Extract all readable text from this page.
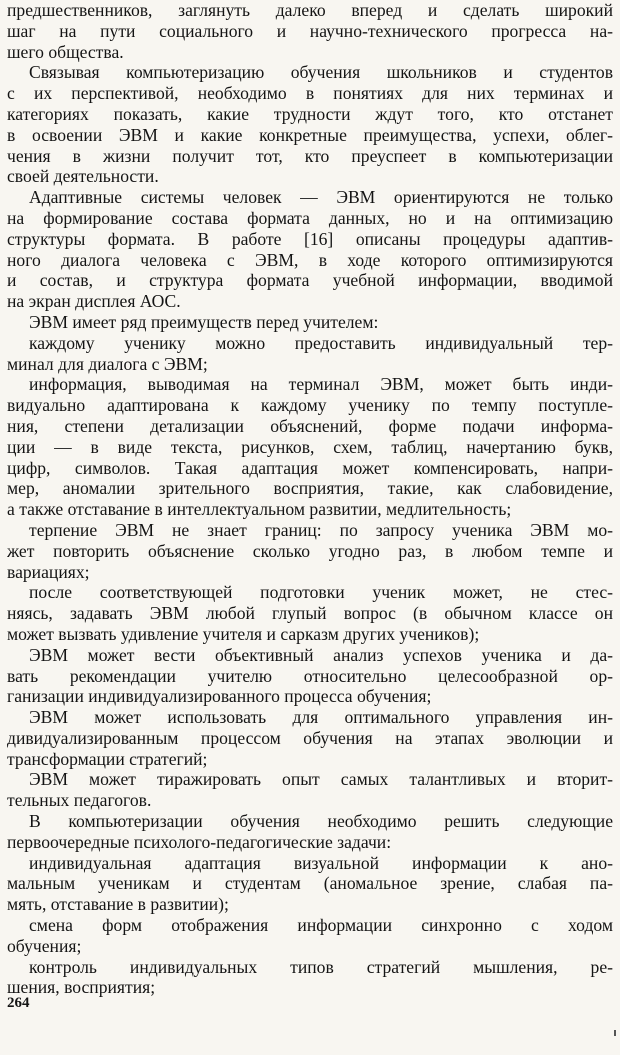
предшественников, заглянуть далеко вперед и сделать широкий
шаг на пути социального и научно-технического прогресса на-
шего общества.
Связывая компьютеризацию обучения школьников и студентов
с их перспективой, необходимо в понятиях для них терминах и
категориях показать, какие трудности ждут того, кто отстанет
в освоении ЭВМ и какие конкретные преимущества, успехи, облег-
чения в жизни получит тот, кто преуспеет в компьютеризации
своей деятельности.
Адаптивные системы человек — ЭВМ ориентируются не только
на формирование состава формата данных, но и на оптимизацию
структуры формата. В работе [16] описаны процедуры адаптив-
ного диалога человека с ЭВМ, в ходе которого оптимизируются
и состав, и структура формата учебной информации, вводимой
на экран дисплея АОС.
ЭВМ имеет ряд преимуществ перед учителем:
каждому ученику можно предоставить индивидуальный тер-
минал для диалога с ЭВМ;
информация, выводимая на терминал ЭВМ, может быть инди-
видуально адаптирована к каждому ученику по темпу поступле-
ния, степени детализации объяснений, форме подачи информа-
ции — в виде текста, рисунков, схем, таблиц, начертанию букв,
цифр, символов. Такая адаптация может компенсировать, напри-
мер, аномалии зрительного восприятия, такие, как слабовидение,
а также отставание в интеллектуальном развитии, медлительность;
терпение ЭВМ не знает границ: по запросу ученика ЭВМ мо-
жет повторить объяснение сколько угодно раз, в любом темпе и
вариациях;
после соответствующей подготовки ученик может, не стес-
няясь, задавать ЭВМ любой глупый вопрос (в обычном классе он
может вызвать удивление учителя и сарказм других учеников);
ЭВМ может вести объективный анализ успехов ученика и да-
вать рекомендации учителю относительно целесообразной ор-
ганизации индивидуализированного процесса обучения;
ЭВМ может использовать для оптимального управления ин-
дивидуализированным процессом обучения на этапах эволюции и
трансформации стратегий;
ЭВМ может тиражировать опыт самых талантливых и вторит-
тельных педагогов.
В компьютеризации обучения необходимо решить следующие
первоочередные психолого-педагогические задачи:
индивидуальная адаптация визуальной информации к ано-
мальным ученикам и студентам (аномальное зрение, слабая па-
мять, отставание в развитии);
смена форм отображения информации синхронно с ходом
обучения;
контроль индивидуальных типов стратегий мышления, ре-
шения, восприятия;
264
